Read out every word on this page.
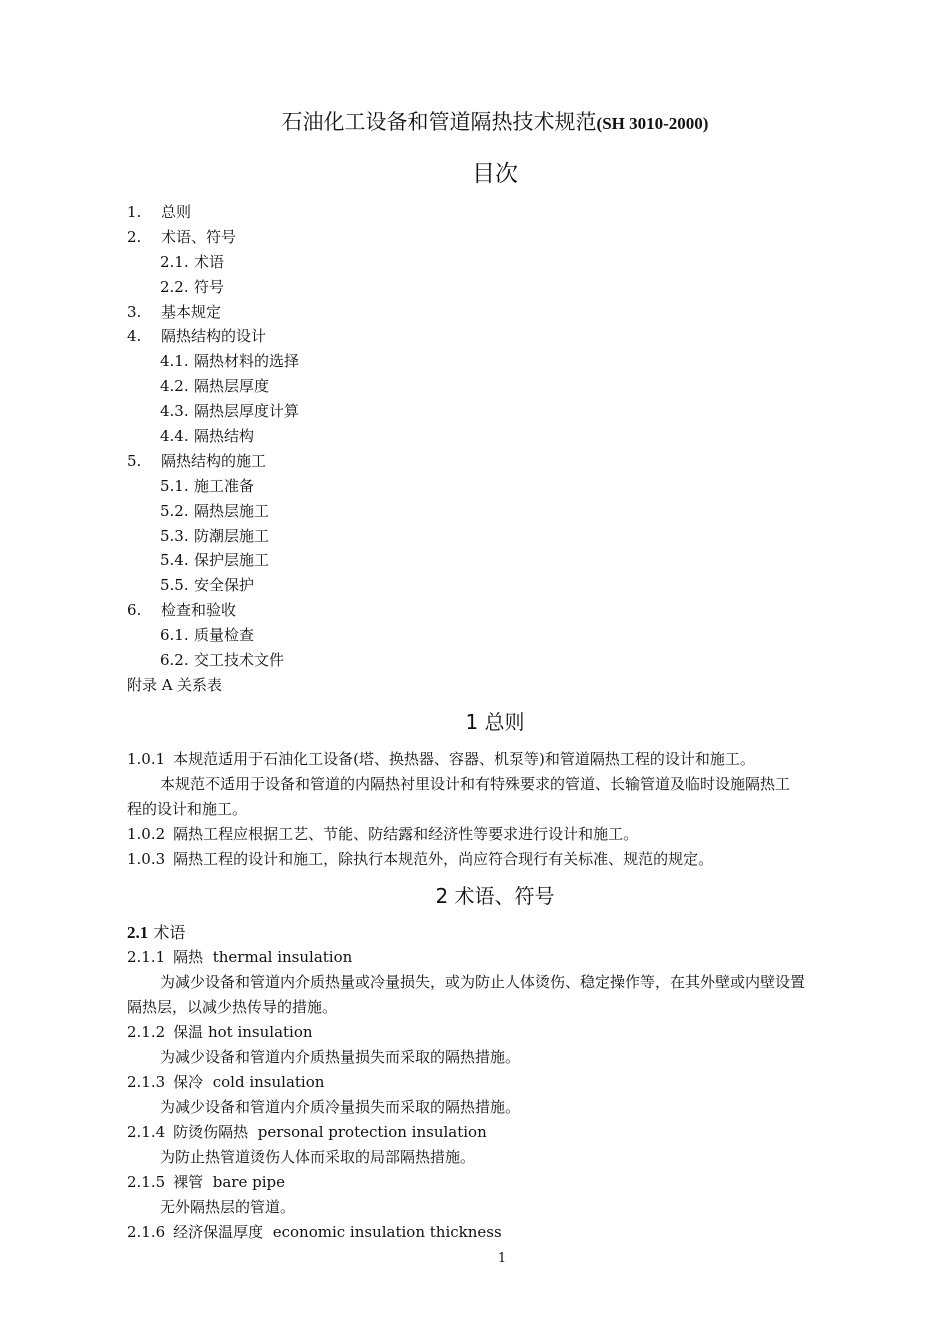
石油化工设备和管道隔热技术规范(SH 3010-2000)
目次
1. 总则
2. 术语、符号
2.1. 术语
2.2. 符号
3. 基本规定
4. 隔热结构的设计
4.1. 隔热材料的选择
4.2. 隔热层厚度
4.3. 隔热层厚度计算
4.4. 隔热结构
5. 隔热结构的施工
5.1. 施工准备
5.2. 隔热层施工
5.3. 防潮层施工
5.4. 保护层施工
5.5. 安全保护
6. 检查和验收
6.1. 质量检查
6.2. 交工技术文件
附录 A 关系表
1 总则

1.0.1 本规范适用于石油化工设备(塔、换热器、容器、机泵等)和管道隔热工程的设计和施工。

本规范不适用于设备和管道的内隔热衬里设计和有特殊要求的管道、长输管道及临时设施隔热工

程的设计和施工。

1.0.2 隔热工程应根据工艺、节能、防结露和经济性等要求进行设计和施工。

1.0.3 隔热工程的设计和施工，除执行本规范外，尚应符合现行有关标准、规范的规定。

2 术语、符号

2.1 术语

2.1.1 隔热 thermal insulation

为减少设备和管道内介质热量或冷量损失，或为防止人体烫伤、稳定操作等，在其外壁或内壁设置

隔热层，以减少热传导的措施。

2.1.2 保温 hot insulation

为减少设备和管道内介质热量损失而采取的隔热措施。

2.1.3 保冷 cold insulation

为减少设备和管道内介质冷量损失而采取的隔热措施。

2.1.4 防烫伤隔热 personal protection insulation

为防止热管道烫伤人体而采取的局部隔热措施。

2.1.5 裸管 bare pipe

无外隔热层的管道。

2.1.6 经济保温厚度 economic insulation thickness

1
